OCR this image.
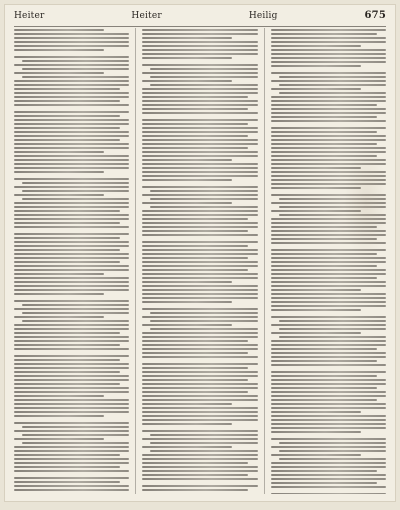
Heiter	Heiter	Heilig	675
